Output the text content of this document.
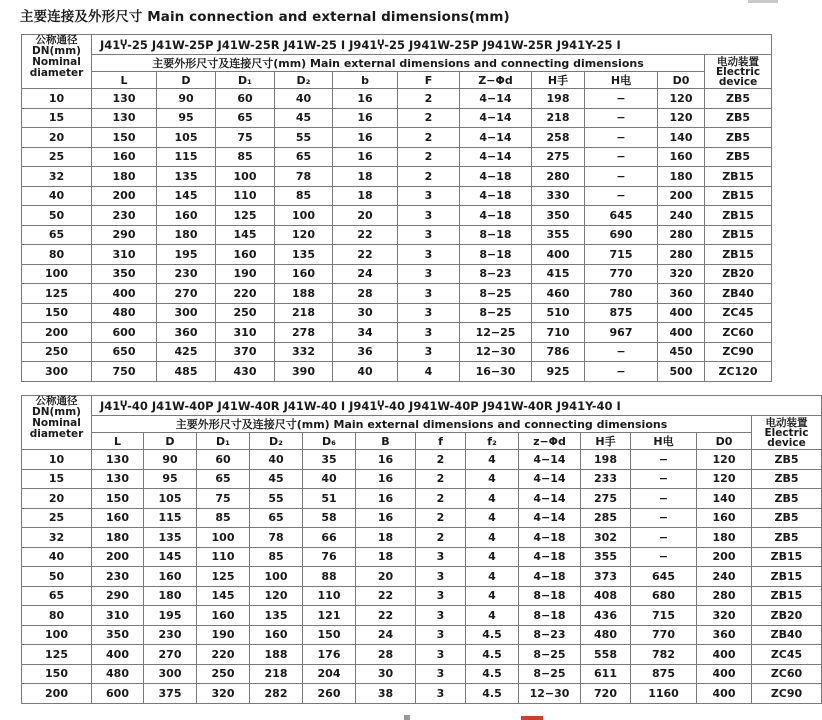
主要连接及外形尺寸 Main connection and external dimensions(mm)
公称通径
DN(mm)
Nominal
diameter	J41Ⴤ-25 J41W-25P J41W-25R J41W-25 I J941Ⴤ-25 J941W-25P J941W-25R J941Y-25 I										
	主要外形尺寸及连接尺寸(mm) Main external dimensions and connecting dimensions										电动装置
Electric
device

	L	D	D₁	D₂	b	F	Z−Φd	H手	H电	D0	
10	130	90	60	40	16	2	4−14	198	−	120	ZB5
15	130	95	65	45	16	2	4−14	218	−	120	ZB5
20	150	105	75	55	16	2	4−14	258	−	140	ZB5
25	160	115	85	65	16	2	4−14	275	−	160	ZB5
32	180	135	100	78	18	2	4−18	280	−	180	ZB15
40	200	145	110	85	18	3	4−18	330	−	200	ZB15
50	230	160	125	100	20	3	4−18	350	645	240	ZB15
65	290	180	145	120	22	3	8−18	355	690	280	ZB15
80	310	195	160	135	22	3	8−18	400	715	280	ZB15
100	350	230	190	160	24	3	8−23	415	770	320	ZB20
125	400	270	220	188	28	3	8−25	460	780	360	ZB40
150	480	300	250	218	30	3	8−25	510	875	400	ZC45
200	600	360	310	278	34	3	12−25	710	967	400	ZC60
250	650	425	370	332	36	3	12−30	786	−	450	ZC90
300	750	485	430	390	40	4	16−30	925	−	500	ZC120
公称通径
DN(mm)
Nominal
diameter	J41Ⴤ-40 J41W-40P J41W-40R J41W-40 I J941Ⴤ-40 J941W-40P J941W-40R J941Y-40 I												
	主要外形尺寸及连接尺寸(mm) Main external dimensions and connecting dimensions												电动装置
Electric
device

	L	D	D₁	D₂	D₆	B	f	f₂	z−Φd	H手	H电	D0	
10	130	90	60	40	35	16	2	4	4−14	198	−	120	ZB5
15	130	95	65	45	40	16	2	4	4−14	233	−	120	ZB5
20	150	105	75	55	51	16	2	4	4−14	275	−	140	ZB5
25	160	115	85	65	58	16	2	4	4−14	285	−	160	ZB5
32	180	135	100	78	66	18	2	4	4−18	302	−	180	ZB5
40	200	145	110	85	76	18	3	4	4−18	355	−	200	ZB15
50	230	160	125	100	88	20	3	4	4−18	373	645	240	ZB15
65	290	180	145	120	110	22	3	4	8−18	408	680	280	ZB15
80	310	195	160	135	121	22	3	4	8−18	436	715	320	ZB20
100	350	230	190	160	150	24	3	4.5	8−23	480	770	360	ZB40
125	400	270	220	188	176	28	3	4.5	8−25	558	782	400	ZC45
150	480	300	250	218	204	30	3	4.5	8−25	611	875	400	ZC60
200	600	375	320	282	260	38	3	4.5	12−30	720	1160	400	ZC90
